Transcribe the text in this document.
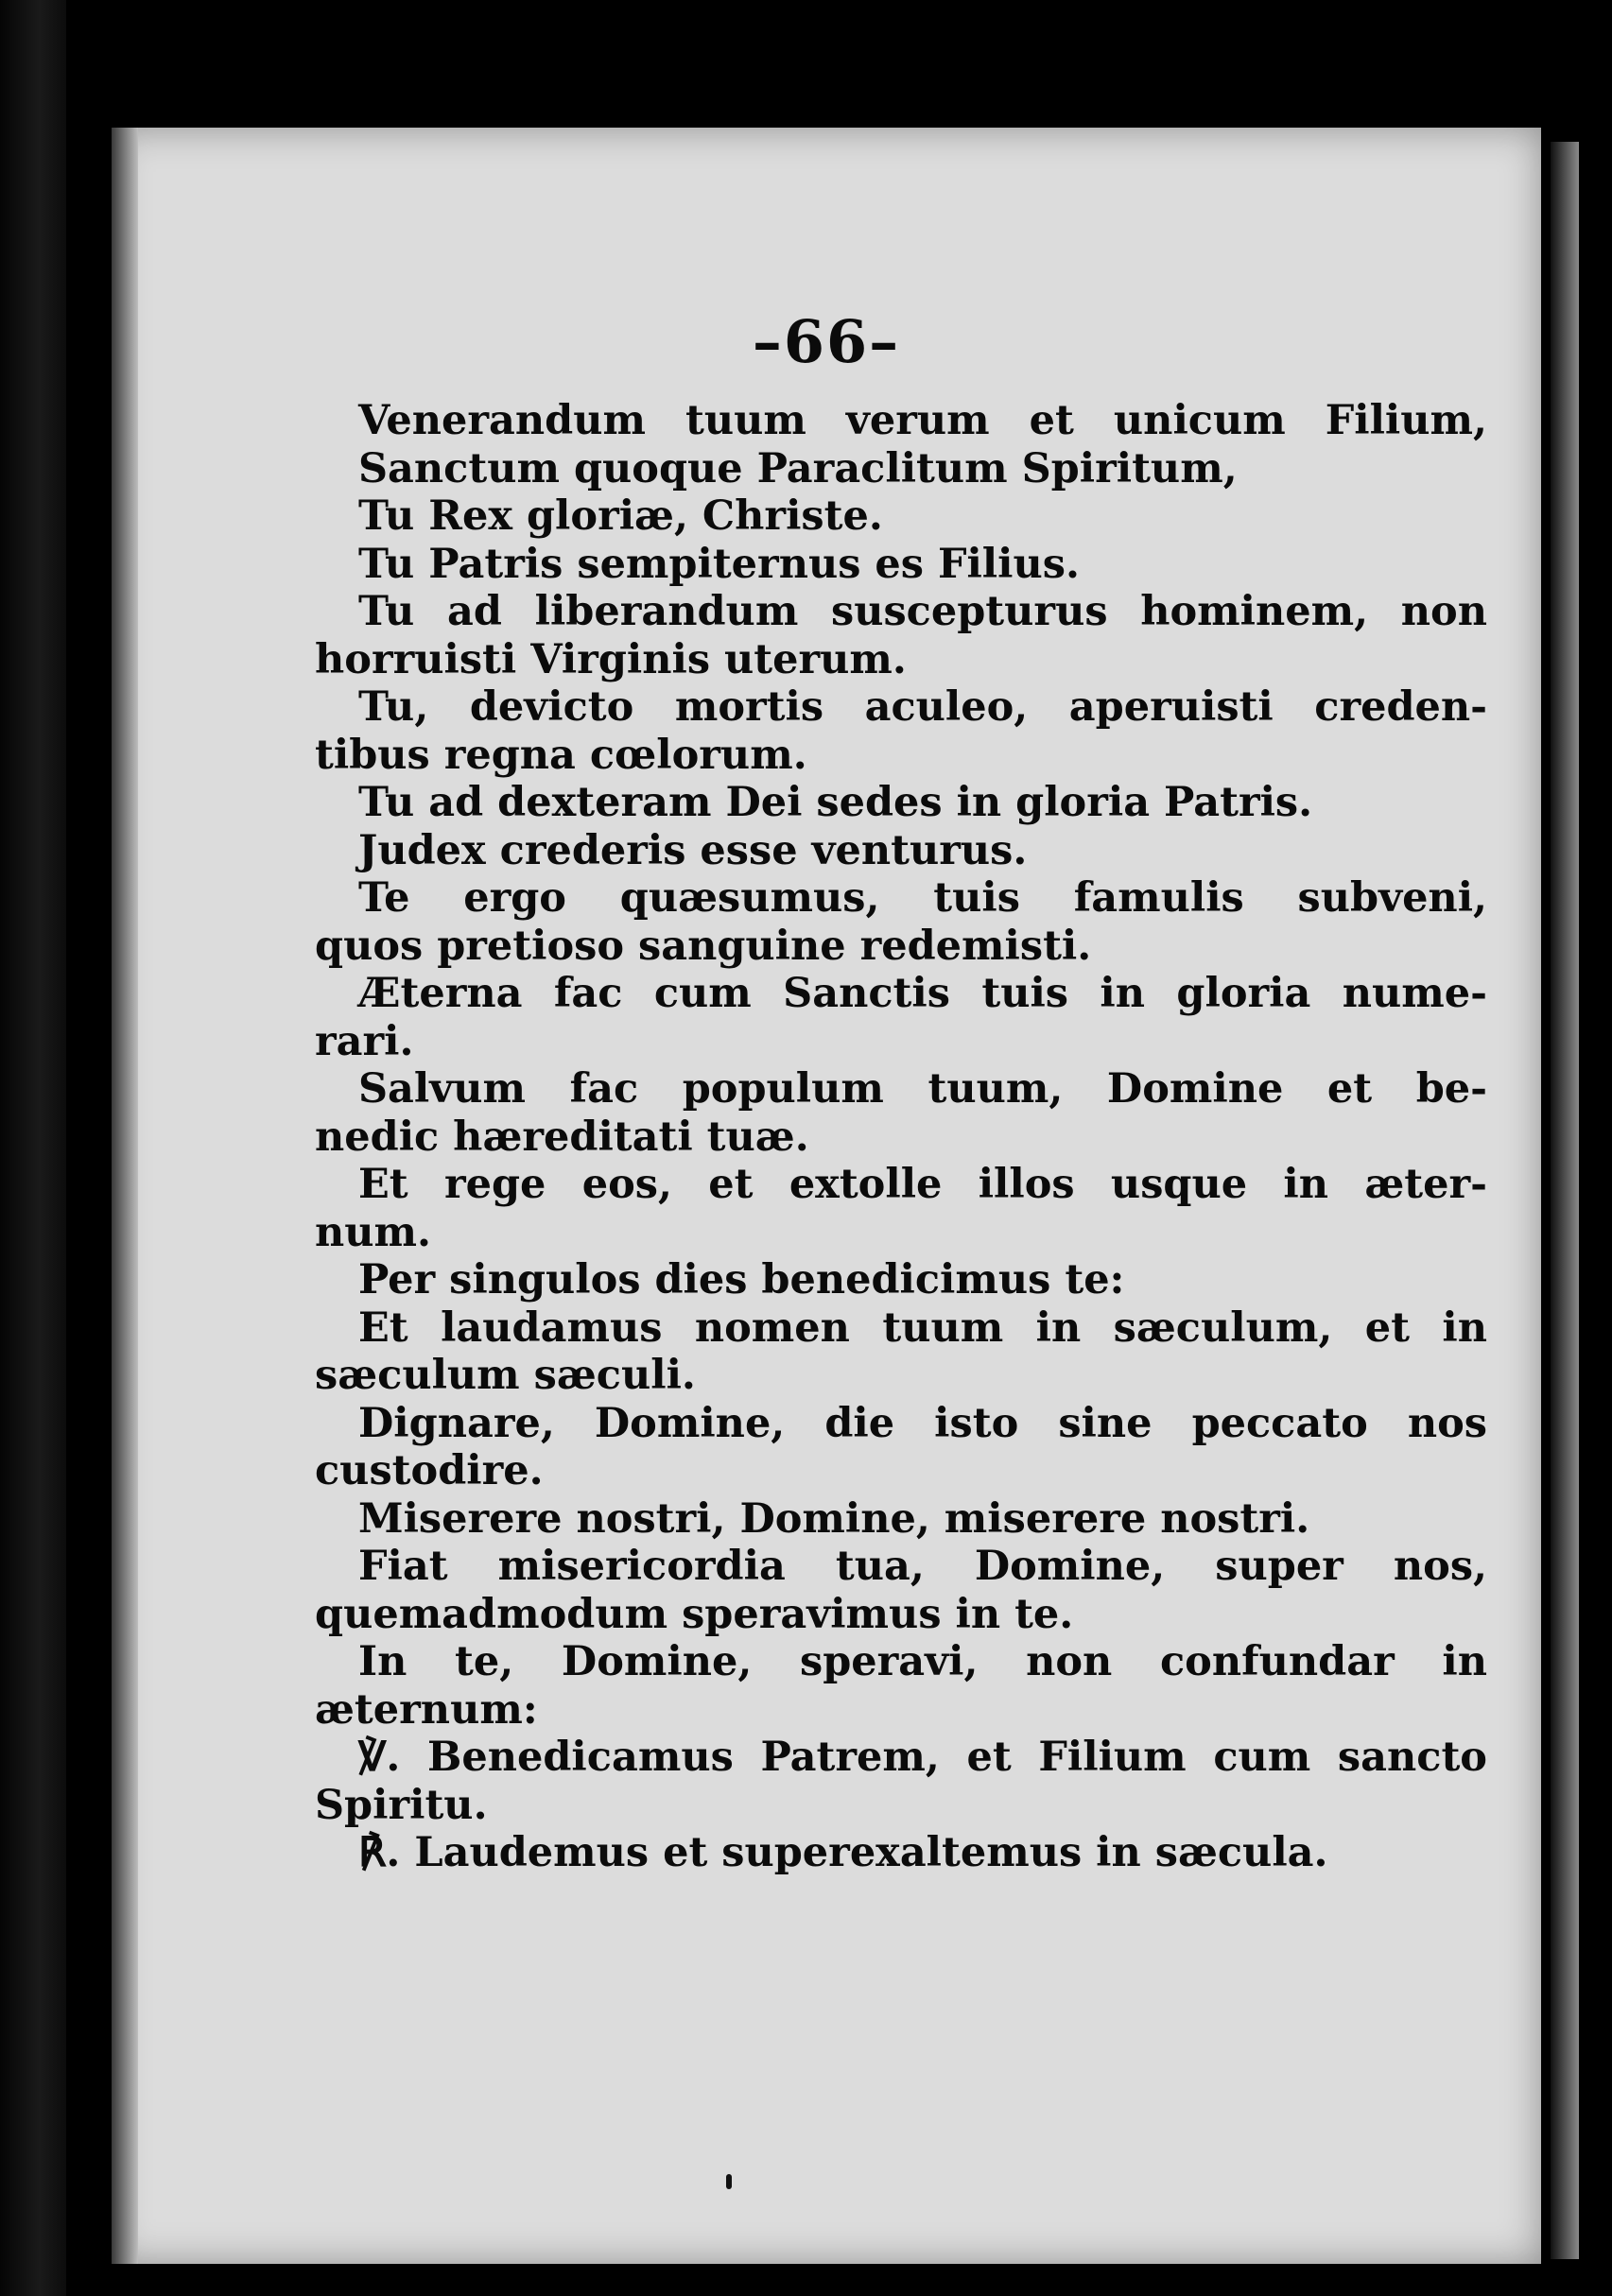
–66–
Venerandum tuum verum et unicum Filium,
Sanctum quoque Paraclitum Spiritum,
Tu Rex gloriæ, Christe.
Tu Patris sempiternus es Filius.
Tu ad liberandum suscepturus hominem, non
horruisti Virginis uterum.
Tu, devicto mortis aculeo, aperuisti creden-
tibus regna cœlorum.
Tu ad dexteram Dei sedes in gloria Patris.
Judex crederis esse venturus.
Te ergo quæsumus, tuis famulis subveni,
quos pretioso sanguine redemisti.
Æterna fac cum Sanctis tuis in gloria nume-
rari.
Salvum fac populum tuum, Domine et be-
nedic hæreditati tuæ.
Et rege eos, et extolle illos usque in æter-
num.
Per singulos dies benedicimus te:
Et laudamus nomen tuum in sæculum, et in
sæculum sæculi.
Dignare, Domine, die isto sine peccato nos
custodire.
Miserere nostri, Domine, miserere nostri.
Fiat misericordia tua, Domine, super nos,
quemadmodum speravimus in te.
In te, Domine, speravi, non confundar in
æternum:
℣. Benedicamus Patrem, et Filium cum sancto
Spiritu.
℟. Laudemus et superexaltemus in sæcula.
